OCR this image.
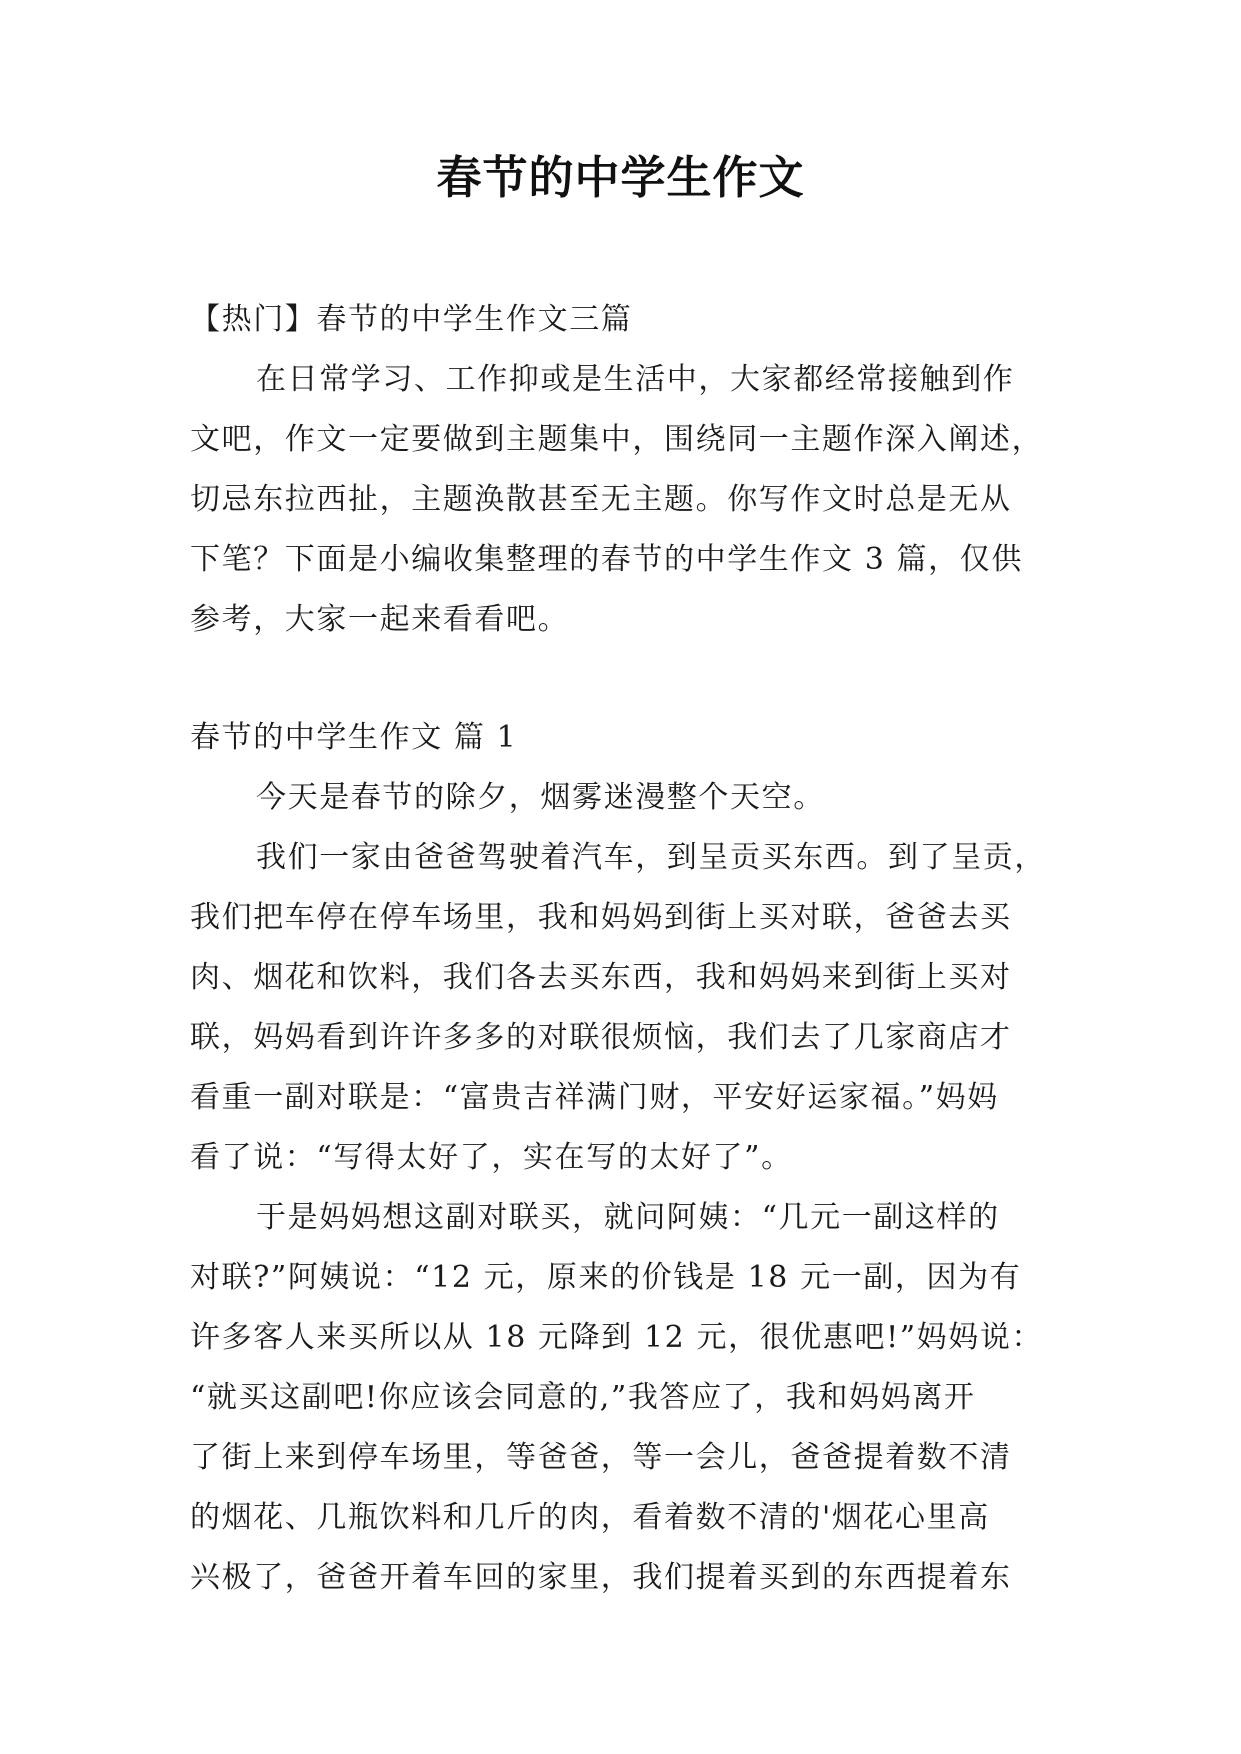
春节的中学生作文

【热门】春节的中学生作文三篇

在日常学习、工作抑或是生活中，大家都经常接触到作

文吧，作文一定要做到主题集中，围绕同一主题作深入阐述，

切忌东拉西扯，主题涣散甚至无主题。你写作文时总是无从

下笔？下面是小编收集整理的春节的中学生作文 3 篇，仅供

参考，大家一起来看看吧。

春节的中学生作文 篇 1

今天是春节的除夕，烟雾迷漫整个天空。

我们一家由爸爸驾驶着汽车，到呈贡买东西。到了呈贡，

我们把车停在停车场里，我和妈妈到街上买对联，爸爸去买

肉、烟花和饮料，我们各去买东西，我和妈妈来到街上买对

联，妈妈看到许许多多的对联很烦恼，我们去了几家商店才

看重一副对联是：“富贵吉祥满门财，平安好运家福。”妈妈

看了说：“写得太好了，实在写的太好了”。

于是妈妈想这副对联买，就问阿姨：“几元一副这样的

对联?”阿姨说：“12 元，原来的价钱是 18 元一副，因为有

许多客人来买所以从 18 元降到 12 元，很优惠吧!”妈妈说：

“就买这副吧!你应该会同意的,”我答应了，我和妈妈离开

了街上来到停车场里，等爸爸，等一会儿，爸爸提着数不清

的烟花、几瓶饮料和几斤的肉，看着数不清的'烟花心里高

兴极了，爸爸开着车回的家里，我们提着买到的东西提着东
